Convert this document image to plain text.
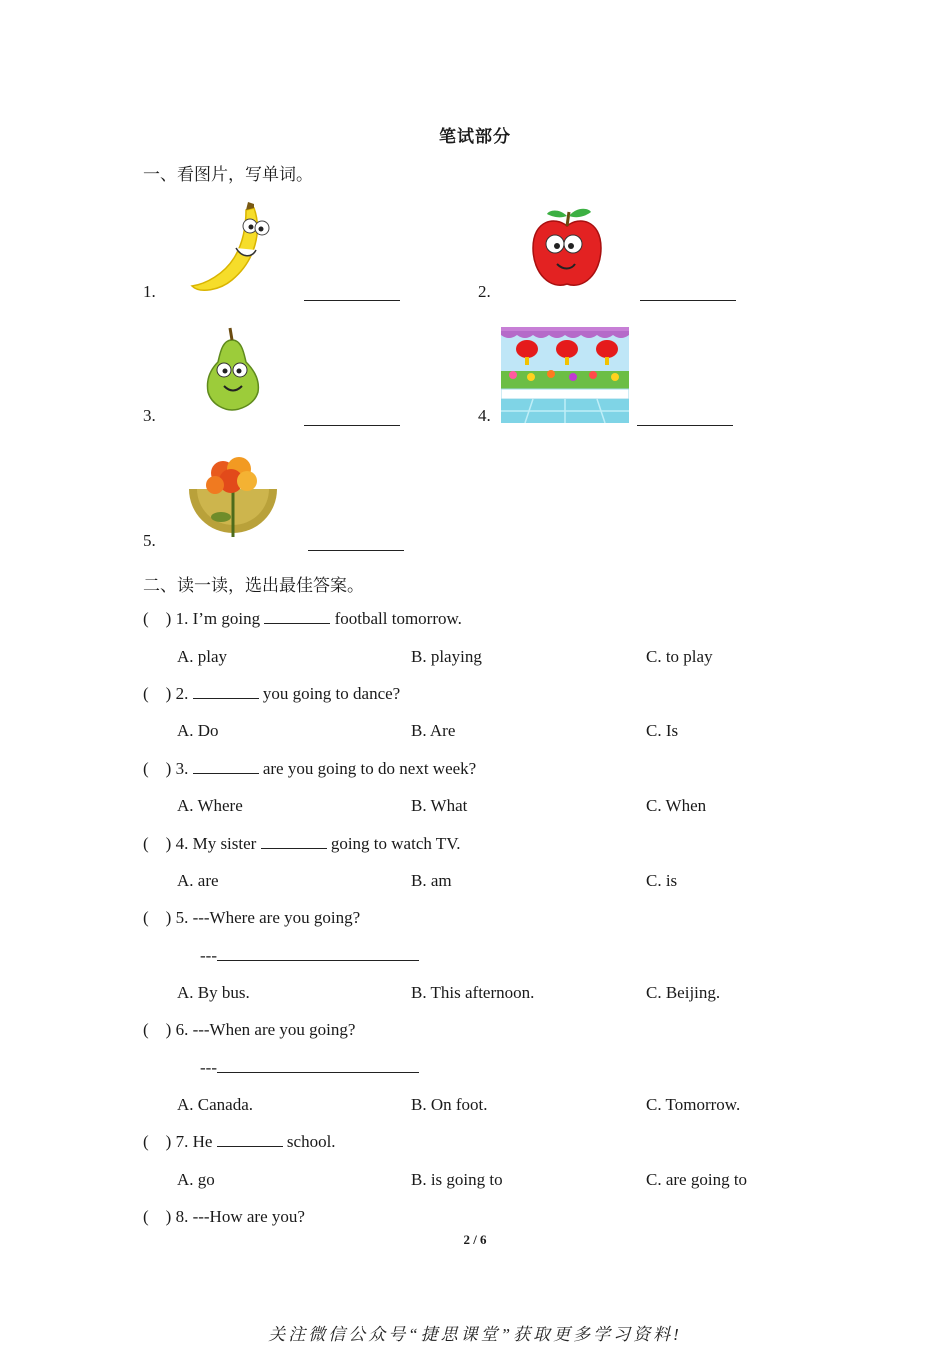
笔试部分
一、看图片，写单词。
1.	2.
3.	4.
5.
二、读一读，选出最佳答案。
(    ) 1. I’m going	football tomorrow.
A. play	B. playing	C. to play
(    ) 2.	you going to dance?
A. Do	B. Are	C. Is
(    ) 3.	are you going to do next week?
A. Where	B. What	C. When
(    ) 4. My sister	going to watch TV.
A. are	B. am	C. is
(    ) 5. ---Where are you going?
---
A. By bus.	B. This afternoon.	C. Beijing.
(    ) 6. ---When are you going?
---
A. Canada.	B. On foot.	C. Tomorrow.
(    ) 7. He	school.
A. go	B. is going to	C. are going to
(    ) 8. ---How are you?
2 / 6
关注微信公众号“捷思课堂”获取更多学习资料!
